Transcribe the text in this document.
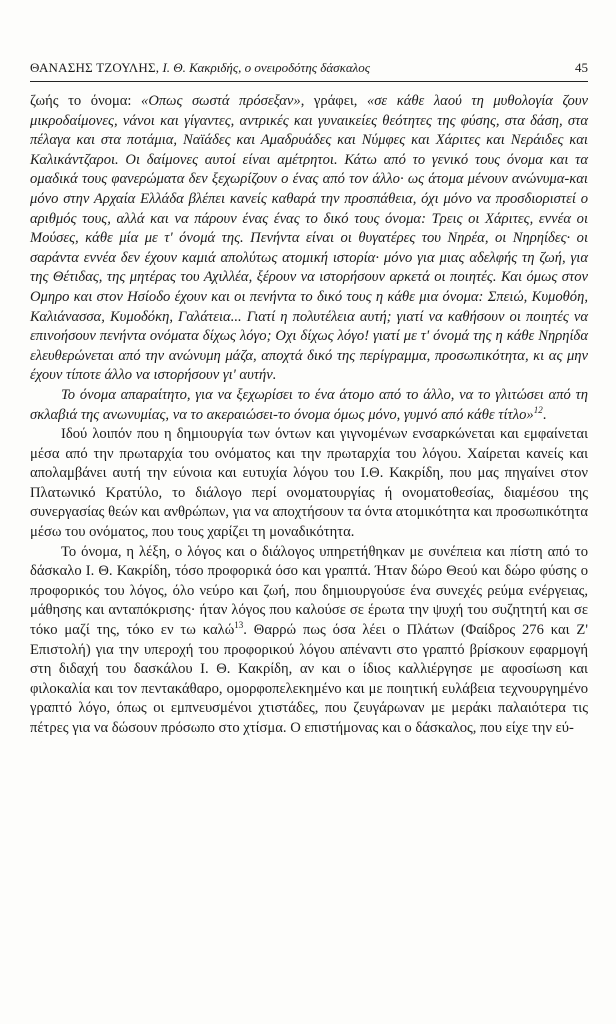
ΘΑΝΑΣΗΣ ΤΖΟΥΛΗΣ, Ι. Θ. Κακριδής, ο ονειροδότης δάσκαλος	45

ζωής το όνομα: «Οπως σωστά πρόσεξαν», γράφει, «σε κάθε λαού τη μυθολογία ζουν μικροδαίμονες, νάνοι και γίγαντες, αντρικές και γυναικείες θεότητες της φύσης, στα δάση, στα πέλαγα και στα ποτάμια, Ναϊάδες και Αμαδρυάδες και Νύμφες και Χάριτες και Νεράιδες και Καλικάντζαροι. Οι δαίμονες αυτοί είναι αμέτρητοι. Κάτω από το γενικό τους όνομα και τα ομαδικά τους φανερώματα δεν ξεχωρίζουν ο ένας από τον άλλο· ως άτομα μένουν ανώνυμα-και μόνο στην Αρχαία Ελλάδα βλέπει κανείς καθαρά την προσπάθεια, όχι μόνο να προσδιοριστεί ο αριθμός τους, αλλά και να πάρουν ένας ένας το δικό τους όνομα: Τρεις οι Χάριτες, εννέα οι Μούσες, κάθε μία με τ' όνομά της. Πενήντα είναι οι θυγατέρες του Νηρέα, οι Νηρηίδες· οι σαράντα εννέα δεν έχουν καμιά απολύτως ατομική ιστορία· μόνο για μιας αδελφής τη ζωή, για της Θέτιδας, της μητέρας του Αχιλλέα, ξέρουν να ιστορήσουν αρκετά οι ποιητές. Και όμως στον Ομηρο και στον Ησίοδο έχουν και οι πενήντα το δικό τους η κάθε μια όνομα: Σπειώ, Κυμοθόη, Καλιάνασσα, Κυμοδόκη, Γαλάτεια... Γιατί η πολυτέλεια αυτή; γιατί να καθήσουν οι ποιητές να επινοήσουν πενήντα ονόματα δίχως λόγο; Οχι δίχως λόγο! γιατί με τ' όνομά της η κάθε Νηρηίδα ελευθερώνεται από την ανώνυμη μάζα, αποχτά δικό της περίγραμμα, προσωπικότητα, κι ας μην έχουν τίποτε άλλο να ιστορήσουν γι' αυτήν.

Το όνομα απαραίτητο, για να ξεχωρίσει το ένα άτομο από το άλλο, να το γλιτώσει από τη σκλαβιά της ανωνυμίας, να το ακεραιώσει-το όνομα όμως μόνο, γυμνό από κάθε τίτλο»$^{12}$.

Ιδού λοιπόν που η δημιουργία των όντων και γιγνομένων ενσαρκώνεται και εμφαίνεται μέσα από την πρωταρχία του ονόματος και την πρωταρχία του λόγου. Χαίρεται κανείς και απολαμβάνει αυτή την εύνοια και ευτυχία λόγου του Ι.Θ. Κακρίδη, που μας πηγαίνει στον Πλατωνικό Κρατύλο, το διάλογο περί ονοματουργίας ή ονοματοθεσίας, διαμέσου της συνεργασίας θεών και ανθρώπων, για να αποχτήσουν τα όντα ατομικότητα και προσωπικότητα μέσω του ονόματος, που τους χαρίζει τη μοναδικότητα.

Το όνομα, η λέξη, ο λόγος και ο διάλογος υπηρετήθηκαν με συνέπεια και πίστη από το δάσκαλο Ι. Θ. Κακρίδη, τόσο προφορικά όσο και γραπτά. Ήταν δώρο Θεού και δώρο φύσης ο προφορικός του λόγος, όλο νεύρο και ζωή, που δημιουργούσε ένα συνεχές ρεύμα ενέργειας, μάθησης και ανταπόκρισης· ήταν λόγος που καλούσε σε έρωτα την ψυχή του συζητητή και σε τόκο μαζί της, τόκο εν τω καλώ$^{13}$. Θαρρώ πως όσα λέει ο Πλάτων (Φαίδρος 276 και Ζ' Επιστολή) για την υπεροχή του προφορικού λόγου απέναντι στο γραπτό βρίσκουν εφαρμογή στη διδαχή του δασκάλου Ι. Θ. Κακρίδη, αν και ο ίδιος καλλιέργησε με αφοσίωση και φιλοκαλία και τον πεντακάθαρο, ομορφοπελεκημένο και με ποιητική ευλάβεια τεχνουργημένο γραπτό λόγο, όπως οι εμπνευσμένοι χτιστάδες, που ζευγάρωναν με μεράκι παλαιότερα τις πέτρες για να δώσουν πρόσωπο στο χτίσμα. Ο επιστήμονας και ο δάσκαλος, που είχε την εύ-
